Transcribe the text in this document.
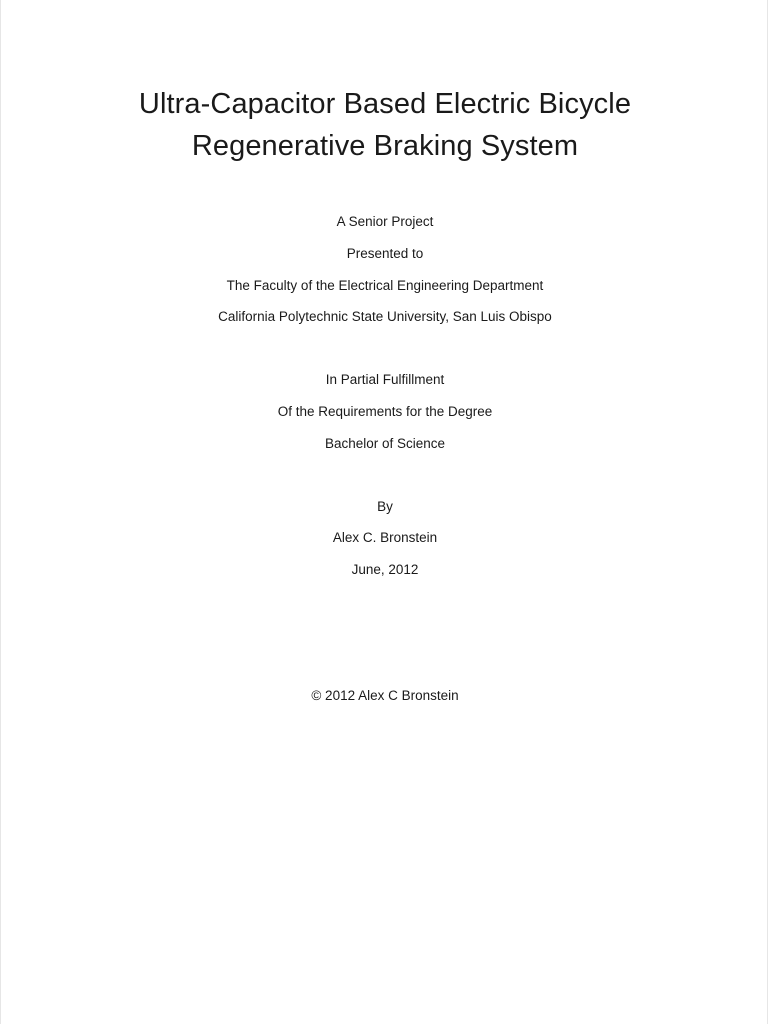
Ultra-Capacitor Based Electric Bicycle
Regenerative Braking System
A Senior Project
Presented to
The Faculty of the Electrical Engineering Department
California Polytechnic State University, San Luis Obispo
In Partial Fulfillment
Of the Requirements for the Degree
Bachelor of Science
By
Alex C. Bronstein
June, 2012
© 2012 Alex C Bronstein
